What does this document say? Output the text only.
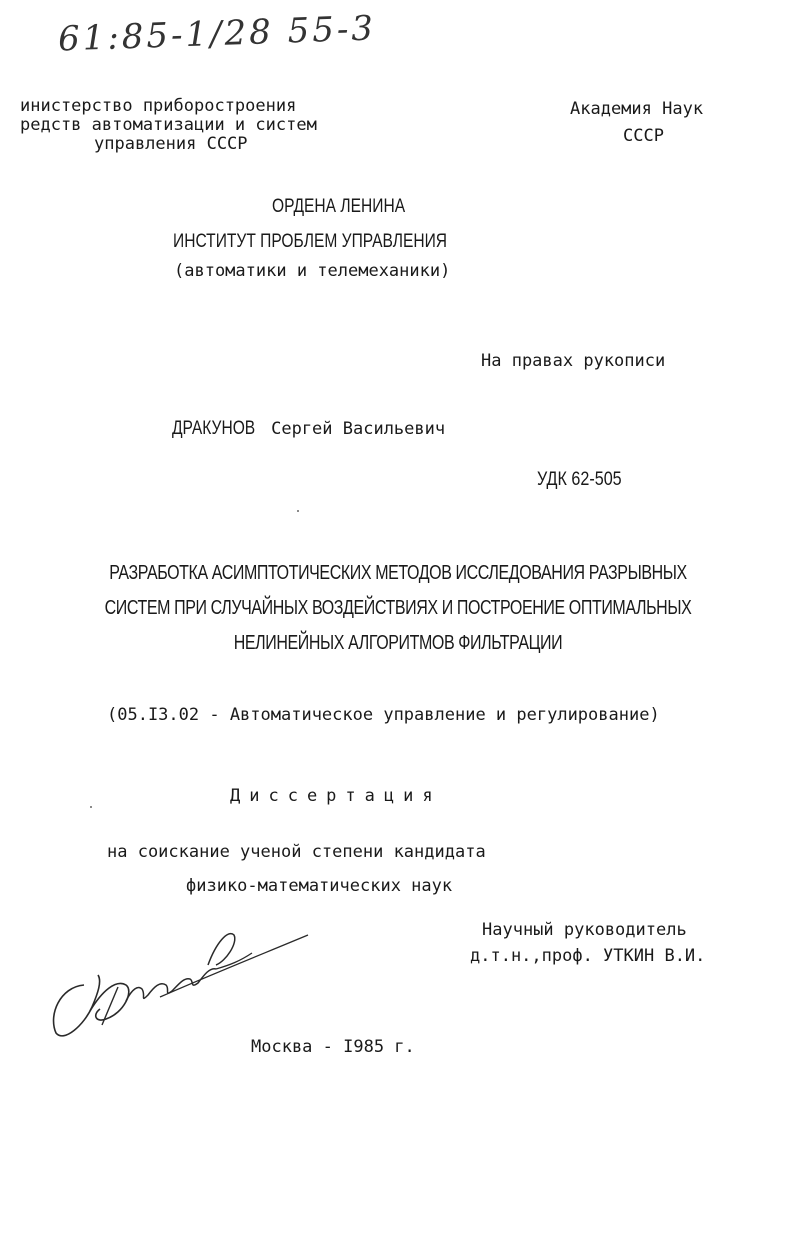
61:85-1/28 55-3
инистерство приборостроения
редств автоматизации и систем
управления СССР
Академия Наук
СССР
ОРДЕНА ЛЕНИНА
ИНСТИТУТ ПРОБЛЕМ УПРАВЛЕНИЯ
(автоматики и телемеханики)
На правах рукописи
ДРАКУНОВ Сергей Васильевич
УДК 62-505
РАЗРАБОТКА АСИМПТОТИЧЕСКИХ МЕТОДОВ ИССЛЕДОВАНИЯ РАЗРЫВНЫХ
СИСТЕМ ПРИ СЛУЧАЙНЫХ ВОЗДЕЙСТВИЯХ И ПОСТРОЕНИЕ ОПТИМАЛЬНЫХ
НЕЛИНЕЙНЫХ АЛГОРИТМОВ ФИЛЬТРАЦИИ
(05.I3.02 - Автоматическое управление и регулирование)
Диссертация
на соискание ученой степени кандидата
физико-математических наук
Научный руководитель
д.т.н.,проф. УТКИН В.И.
Москва - I985 г.
